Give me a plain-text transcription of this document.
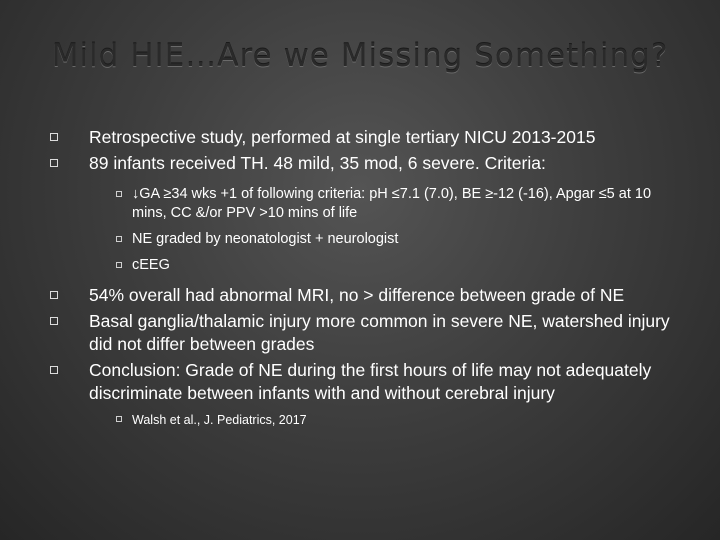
Mild HIE…Are we Missing Something?
Retrospective study, performed at single tertiary NICU 2013-2015
89 infants received TH. 48 mild, 35 mod, 6 severe. Criteria:
↓GA ≥34 wks +1 of following criteria: pH ≤7.1 (7.0), BE ≥-12 (-16), Apgar ≤5 at 10 mins, CC &/or PPV >10 mins of life
NE graded by neonatologist + neurologist
cEEG
54% overall had abnormal MRI, no > difference between grade of NE
Basal ganglia/thalamic injury more common in severe NE, watershed injury did not differ between grades
Conclusion: Grade of NE during the first hours of life may not adequately discriminate between infants with and without cerebral injury
Walsh et al., J. Pediatrics, 2017
